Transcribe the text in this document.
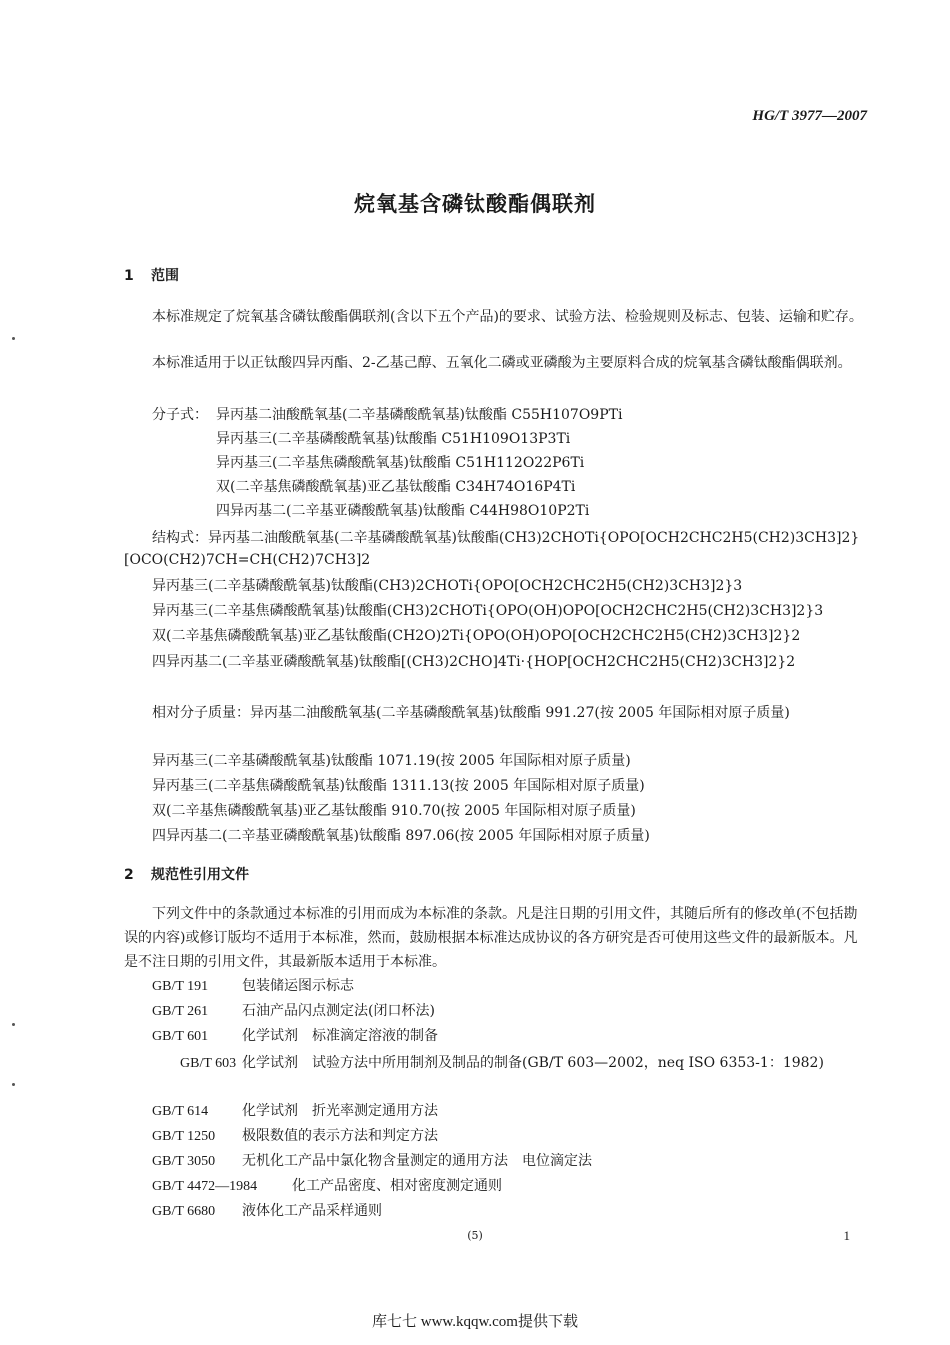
HG/T 3977—2007
烷氧基含磷钛酸酯偶联剂
1 范围
本标准规定了烷氧基含磷钛酸酯偶联剂(含以下五个产品)的要求、试验方法、检验规则及标志、包装、运输和贮存。
本标准适用于以正钛酸四异丙酯、2-乙基己醇、五氧化二磷或亚磷酸为主要原料合成的烷氧基含磷钛酸酯偶联剂。
分子式： 异丙基二油酸酰氧基(二辛基磷酸酰氧基)钛酸酯 C55H107O9PTi
异丙基三(二辛基磷酸酰氧基)钛酸酯 C51H109O13P3Ti
异丙基三(二辛基焦磷酸酰氧基)钛酸酯 C51H112O22P6Ti
双(二辛基焦磷酸酰氧基)亚乙基钛酸酯 C34H74O16P4Ti
四异丙基二(二辛基亚磷酸酰氧基)钛酸酯 C44H98O10P2Ti
结构式：异丙基二油酸酰氧基(二辛基磷酸酰氧基)钛酸酯(CH3)2CHOTi{OPO[OCH2CHC2H5(CH2)3CH3]2}[OCO(CH2)7CH=CH(CH2)7CH3]2
异丙基三(二辛基磷酸酰氧基)钛酸酯(CH3)2CHOTi{OPO[OCH2CHC2H5(CH2)3CH3]2}3
异丙基三(二辛基焦磷酸酰氧基)钛酸酯(CH3)2CHOTi{OPO(OH)OPO[OCH2CHC2H5(CH2)3CH3]2}3
双(二辛基焦磷酸酰氧基)亚乙基钛酸酯(CH2O)2Ti{OPO(OH)OPO[OCH2CHC2H5(CH2)3CH3]2}2
四异丙基二(二辛基亚磷酸酰氧基)钛酸酯[(CH3)2CHO]4Ti·{HOP[OCH2CHC2H5(CH2)3CH3]2}2
相对分子质量：异丙基二油酸酰氧基(二辛基磷酸酰氧基)钛酸酯 991.27(按 2005 年国际相对原子质量)
异丙基三(二辛基磷酸酰氧基)钛酸酯 1071.19(按 2005 年国际相对原子质量)
异丙基三(二辛基焦磷酸酰氧基)钛酸酯 1311.13(按 2005 年国际相对原子质量)
双(二辛基焦磷酸酰氧基)亚乙基钛酸酯 910.70(按 2005 年国际相对原子质量)
四异丙基二(二辛基亚磷酸酰氧基)钛酸酯 897.06(按 2005 年国际相对原子质量)
2 规范性引用文件
下列文件中的条款通过本标准的引用而成为本标准的条款。凡是注日期的引用文件，其随后所有的修改单(不包括勘误的内容)或修订版均不适用于本标准，然而，鼓励根据本标准达成协议的各方研究是否可使用这些文件的最新版本。凡是不注日期的引用文件，其最新版本适用于本标准。
GB/T 191 包装储运图示标志
GB/T 261 石油产品闪点测定法(闭口杯法)
GB/T 601 化学试剂　标准滴定溶液的制备
GB/T 603 化学试剂　试验方法中所用制剂及制品的制备(GB/T 603—2002，neq ISO 6353-1：1982)
GB/T 614 化学试剂　折光率测定通用方法
GB/T 1250 极限数值的表示方法和判定方法
GB/T 3050 无机化工产品中氯化物含量测定的通用方法　电位滴定法
GB/T 4472—1984 化工产品密度、相对密度测定通则
GB/T 6680 液体化工产品采样通则
(5)	1
库七七 www.kqqw.com提供下载
